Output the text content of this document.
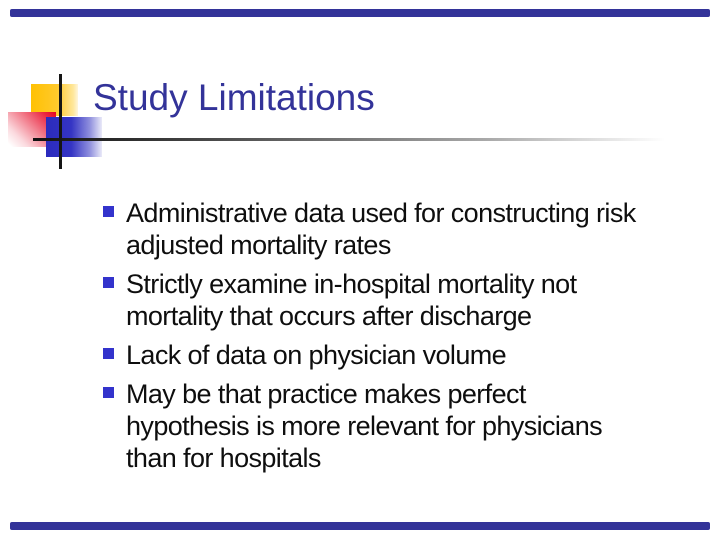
Study Limitations
Administrative data used for constructing risk
adjusted mortality rates
Strictly examine in-hospital mortality not
mortality that occurs after discharge
Lack of data on physician volume
May be that practice makes perfect
hypothesis is more relevant for physicians
than for hospitals
